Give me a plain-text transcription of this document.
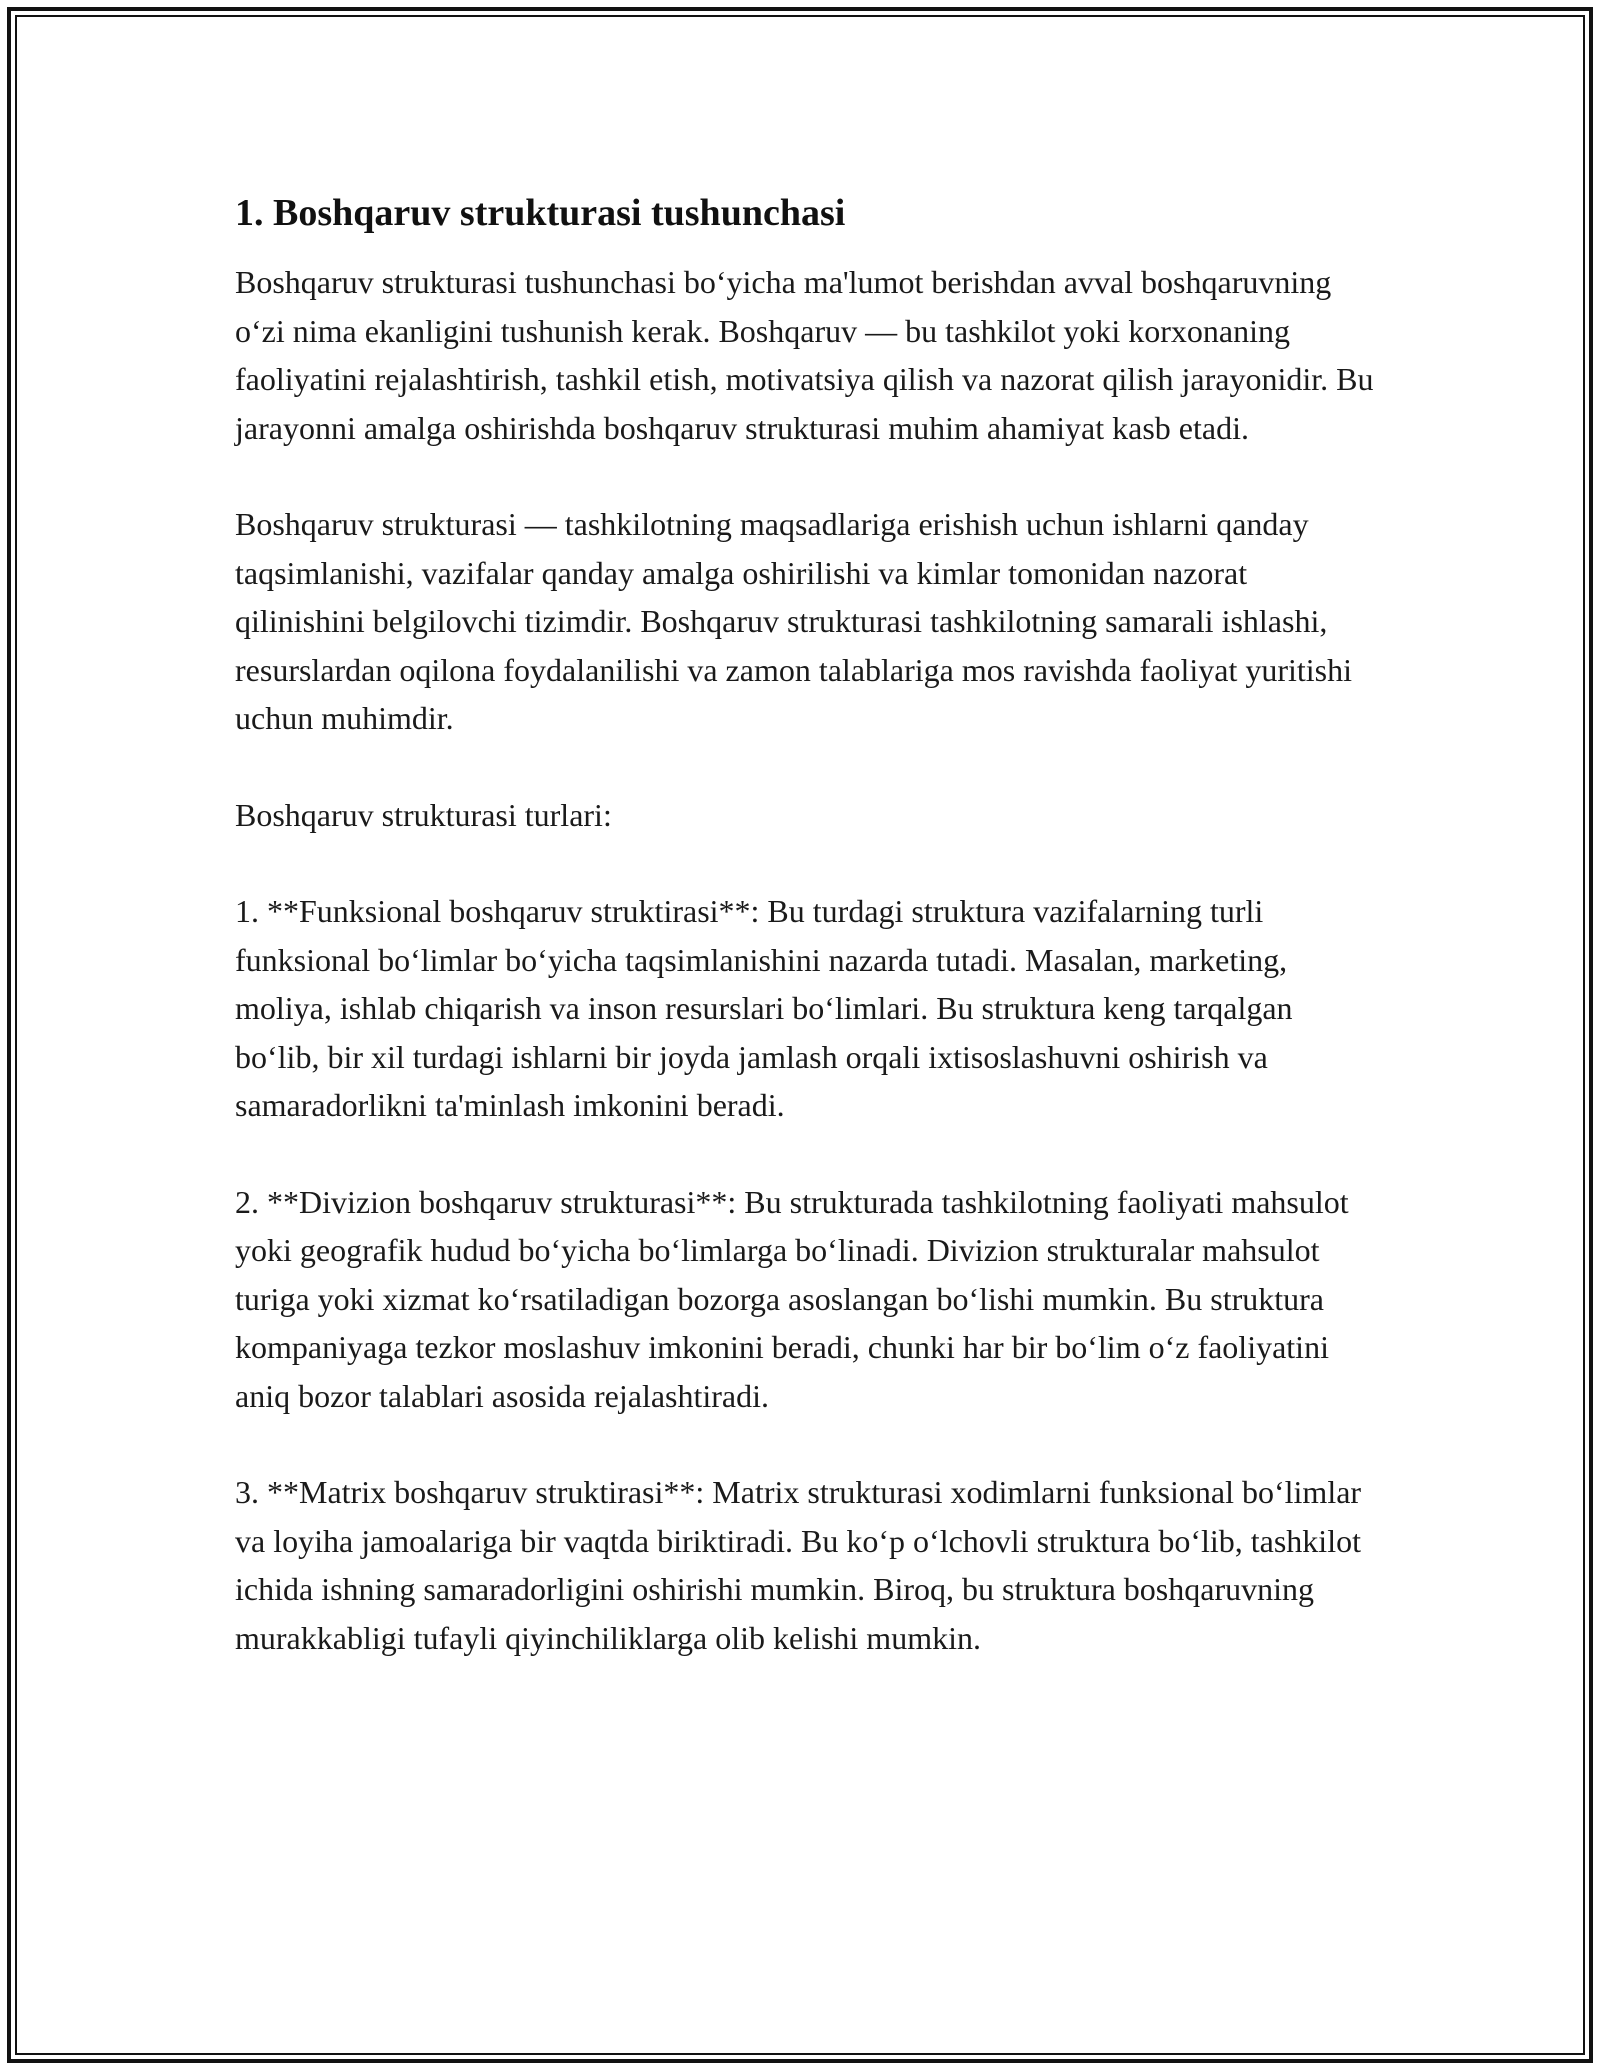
1. Boshqaruv strukturasi tushunchasi

Boshqaruv strukturasi tushunchasi bo‘yicha ma'lumot berishdan avval boshqaruvning o‘zi nima ekanligini tushunish kerak. Boshqaruv — bu tashkilot yoki korxonaning faoliyatini rejalashtirish, tashkil etish, motivatsiya qilish va nazorat qilish jarayonidir. Bu jarayonni amalga oshirishda boshqaruv strukturasi muhim ahamiyat kasb etadi.

Boshqaruv strukturasi — tashkilotning maqsadlariga erishish uchun ishlarni qanday taqsimlanishi, vazifalar qanday amalga oshirilishi va kimlar tomonidan nazorat qilinishini belgilovchi tizimdir. Boshqaruv strukturasi tashkilotning samarali ishlashi, resurslardan oqilona foydalanilishi va zamon talablariga mos ravishda faoliyat yuritishi uchun muhimdir.

Boshqaruv strukturasi turlari:

1. **Funksional boshqaruv struktirasi**: Bu turdagi struktura vazifalarning turli funksional bo‘limlar bo‘yicha taqsimlanishini nazarda tutadi. Masalan, marketing, moliya, ishlab chiqarish va inson resurslari bo‘limlari. Bu struktura keng tarqalgan bo‘lib, bir xil turdagi ishlarni bir joyda jamlash orqali ixtisoslashuvni oshirish va samaradorlikni ta'minlash imkonini beradi.

2. **Divizion boshqaruv strukturasi**: Bu strukturada tashkilotning faoliyati mahsulot yoki geografik hudud bo‘yicha bo‘limlarga bo‘linadi. Divizion strukturalar mahsulot turiga yoki xizmat ko‘rsatiladigan bozorga asoslangan bo‘lishi mumkin. Bu struktura kompaniyaga tezkor moslashuv imkonini beradi, chunki har bir bo‘lim o‘z faoliyatini aniq bozor talablari asosida rejalashtiradi.

3. **Matrix boshqaruv struktirasi**: Matrix strukturasi xodimlarni funksional bo‘limlar va loyiha jamoalariga bir vaqtda biriktiradi. Bu ko‘p o‘lchovli struktura bo‘lib, tashkilot ichida ishning samaradorligini oshirishi mumkin. Biroq, bu struktura boshqaruvning murakkabligi tufayli qiyinchiliklarga olib kelishi mumkin.
